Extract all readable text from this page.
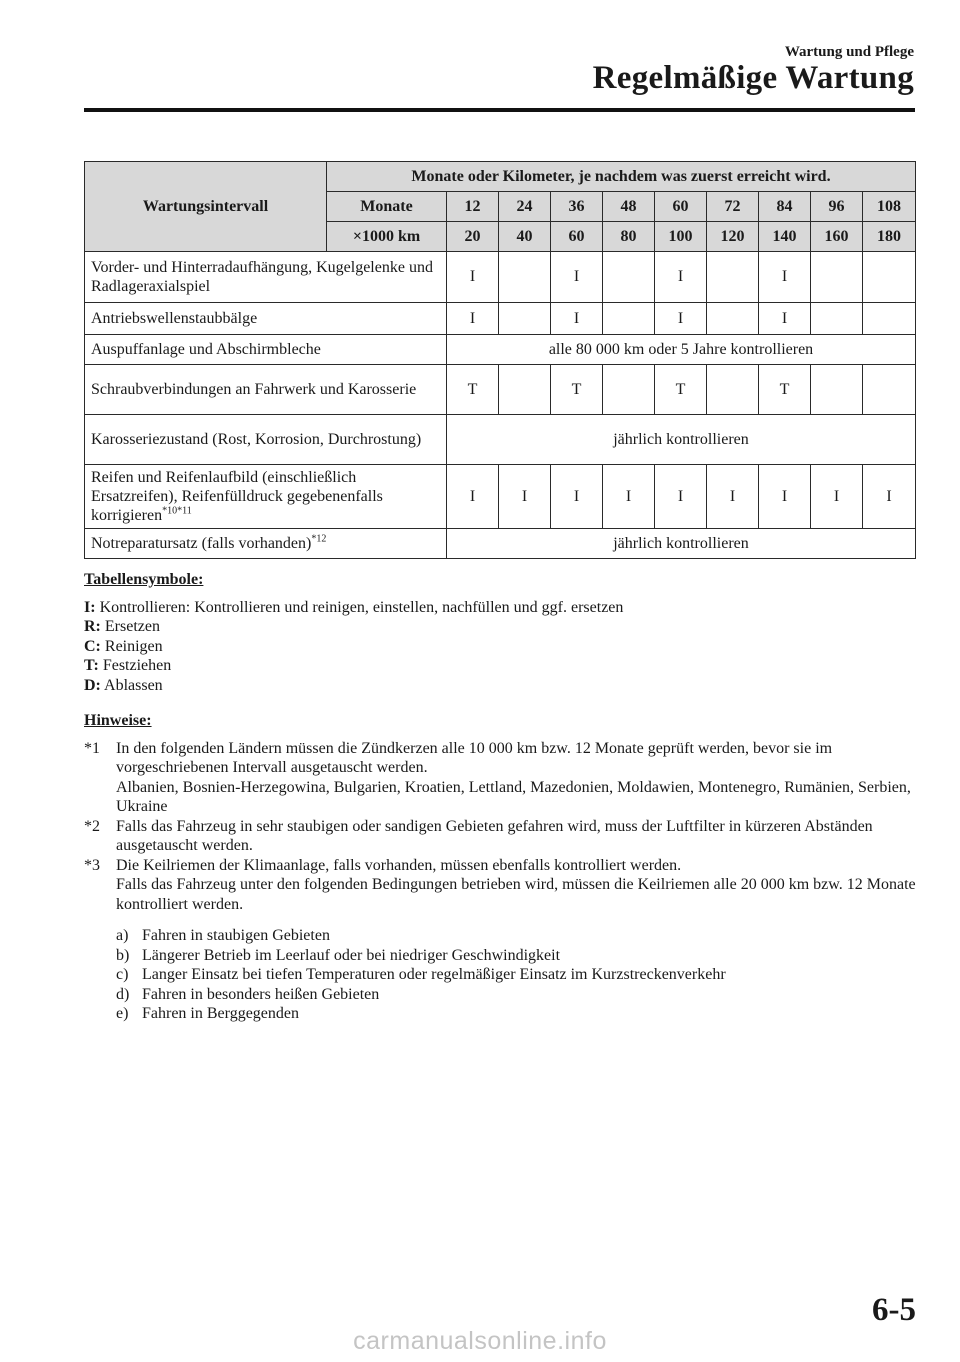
Wartung und Pflege
Regelmäßige Wartung
Wartungsintervall	Monate oder Kilometer, je nachdem was zuerst erreicht wird.									
	Monate	12	24	36	48	60	72	84	96	108
	×1000 km	20	40	60	80	100	120	140	160	180
Vorder- und Hinterradaufhängung, Kugelgelenke und Radlageraxialspiel		I		I		I		I		
Antriebswellenstaubbälge		I		I		I		I		
Auspuffanlage und Abschirmbleche		alle 80 000 km oder 5 Jahre kontrollieren								
Schraubverbindungen an Fahrwerk und Karosserie		T		T		T		T		
Karosseriezustand (Rost, Korrosion, Durchrostung)		jährlich kontrollieren								
Reifen und Reifenlaufbild (einschließlich Ersatzreifen), Reifenfülldruck gegebenenfalls korrigieren$^{*10*11}$		I	I	I	I	I	I	I	I	I
Notreparatursatz (falls vorhanden)$^{*12}$		jährlich kontrollieren								
Tabellensymbole:
I: Kontrollieren: Kontrollieren und reinigen, einstellen, nachfüllen und ggf. ersetzen
R: Ersetzen
C: Reinigen
T: Festziehen
D: Ablassen
Hinweise:
*1	In den folgenden Ländern müssen die Zündkerzen alle 10 000 km bzw. 12 Monate geprüft werden, bevor sie im vorgeschriebenen Intervall ausgetauscht werden.
Albanien, Bosnien-Herzegowina, Bulgarien, Kroatien, Lettland, Mazedonien, Moldawien, Montenegro, Rumänien, Serbien, Ukraine
*2	Falls das Fahrzeug in sehr staubigen oder sandigen Gebieten gefahren wird, muss der Luftfilter in kürzeren Abständen ausgetauscht werden.
*3	Die Keilriemen der Klimaanlage, falls vorhanden, müssen ebenfalls kontrolliert werden.
Falls das Fahrzeug unter den folgenden Bedingungen betrieben wird, müssen die Keilriemen alle 20 000 km bzw. 12 Monate kontrolliert werden.
a) Fahren in staubigen Gebieten
b) Längerer Betrieb im Leerlauf oder bei niedriger Geschwindigkeit
c) Langer Einsatz bei tiefen Temperaturen oder regelmäßiger Einsatz im Kurzstreckenverkehr
d) Fahren in besonders heißen Gebieten
e) Fahren in Berggegenden
6-5
carmanualsonline.info
